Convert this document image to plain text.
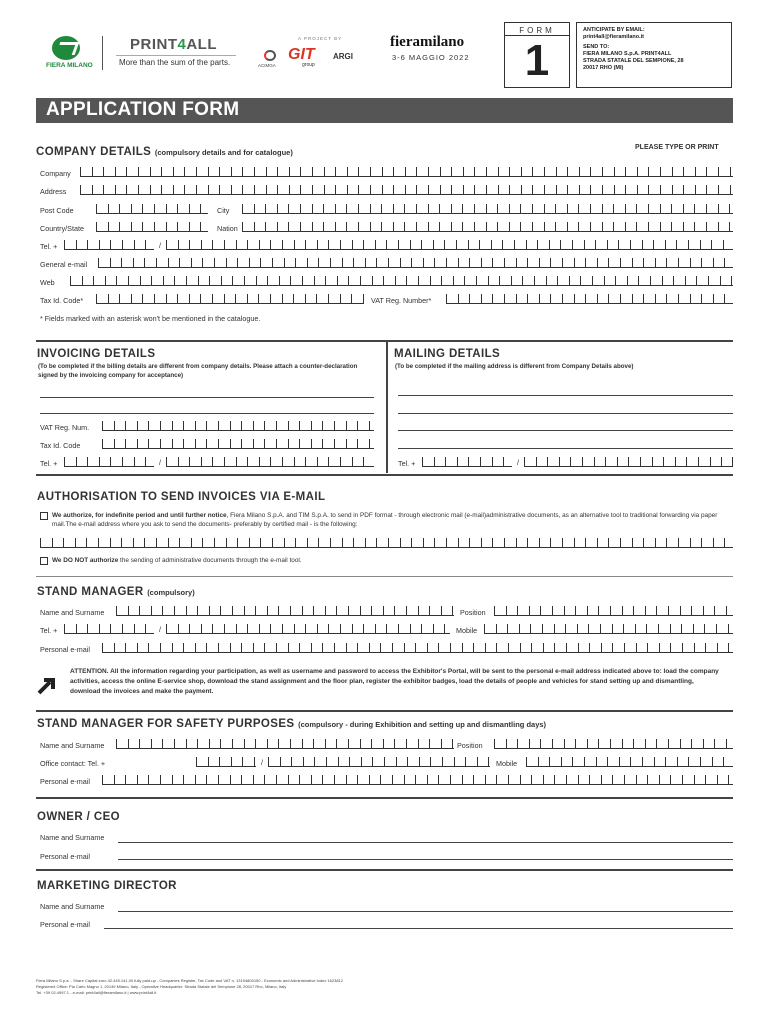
FIERA MILANO
PRINT4ALL
More than the sum of the parts.
A PROJECT BY
ACIMGA
GIT
group
ARGI
fieramilano
3-6 MAGGIO 2022
FORM
1
ANTICIPATE BY EMAIL:
print4all@fieramilano.it
SEND TO:
FIERA MILANO S.p.A. PRINT4ALL
STRADA STATALE DEL SEMPIONE, 28
20017 RHO (MI)
APPLICATION FORM
COMPANY DETAILS (compulsory details and for catalogue)
PLEASE TYPE OR PRINT
Company
Address
Post Code	City
Country/State	Nation
Tel. +	/
General e-mail
Web
Tax Id. Code*	VAT Reg. Number*
* Fields marked with an asterisk won't be mentioned in the catalogue.
INVOICING DETAILS
(To be completed if the billing details are different from company details. Please attach a counter-declaration signed by the invoicing company for acceptance)
VAT Reg. Num.
Tax Id. Code
Tel. +	/
MAILING DETAILS
(To be completed if the mailing address is different from Company Details above)
Tel. +	/
AUTHORISATION TO SEND INVOICES VIA E-MAIL
We authorize, for indefinite period and until further notice, Fiera Milano S.p.A. and TIM S.p.A. to send in PDF format - through electronic mail (e-mail)administrative documents, as an alternative tool to traditional forwarding via paper mail.The e-mail address where you ask to send the documents- preferably by certified mail - is the following:
We DO NOT authorize the sending of administrative documents through the e-mail tool.
STAND MANAGER (compulsory)
Name and Surname	Position
Tel. +	/	Mobile
Personal e-mail
ATTENTION. All the information regarding your participation, as well as username and password to access the Exhibitor's Portal, will be sent to the personal e-mail address indicated above to: load the company activities, access the online E-service shop, download the stand assignment and the floor plan, register the exhibitor badges, load the details of people and vehicles for stand setting up and dismantling, download the invoices and make the payment.
STAND MANAGER FOR SAFETY PURPOSES (compulsory - during Exhibition and setting up and dismantling days)
Name and Surname	Position
Office contact: Tel. +	/	Mobile
Personal e-mail
OWNER / CEO
Name and Surname
Personal e-mail
MARKETING DIRECTOR
Name and Surname
Personal e-mail
Fiera Milano S.p.a. - Share Capital euro 42.445.141,00 fully paid-up - Companies Register, Tax Code and VAT n. 13194800150 - Economic and Administrative Index 1623812
Registered Office: Pia Carlo Magno 1, 20149 Milano, Italy - Operative Headquarter: Strada Statale del Sempione 28, 20017 Rho, Milano, Italy
Tel. +39 02.4997.1 - e-mail: print4all@fieramilano.it | www.print4all.it
